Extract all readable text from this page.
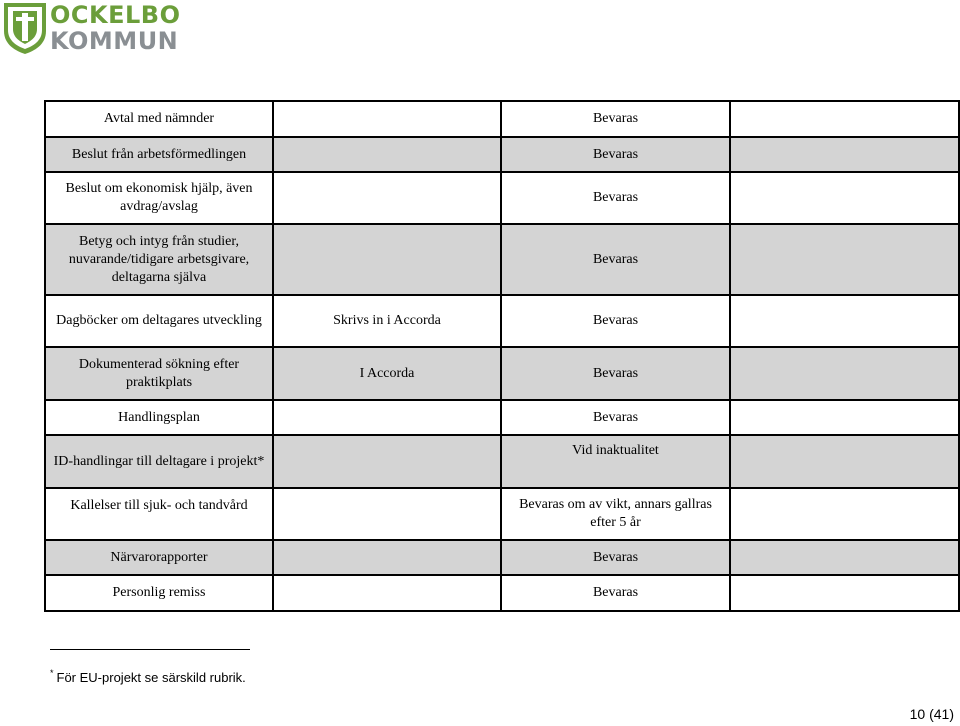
OCKELBO
KOMMUN
Avtal med nämnder		Bevaras	
Beslut från arbetsförmedlingen		Bevaras	
Beslut om ekonomisk hjälp, även avdrag/avslag		Bevaras	
Betyg och intyg från studier, nuvarande/tidigare arbetsgivare, deltagarna själva		Bevaras	
Dagböcker om deltagares utveckling	Skrivs in i Accorda	Bevaras	
Dokumenterad sökning efter praktikplats	I Accorda	Bevaras	
Handlingsplan		Bevaras	
ID-handlingar till deltagare i projekt*		Vid inaktualitet	
Kallelser till sjuk- och tandvård		Bevaras om av vikt, annars gallras efter 5 år	
Närvarorapporter		Bevaras	
Personlig remiss		Bevaras	
* För EU-projekt se särskild rubrik.
10 (41)
